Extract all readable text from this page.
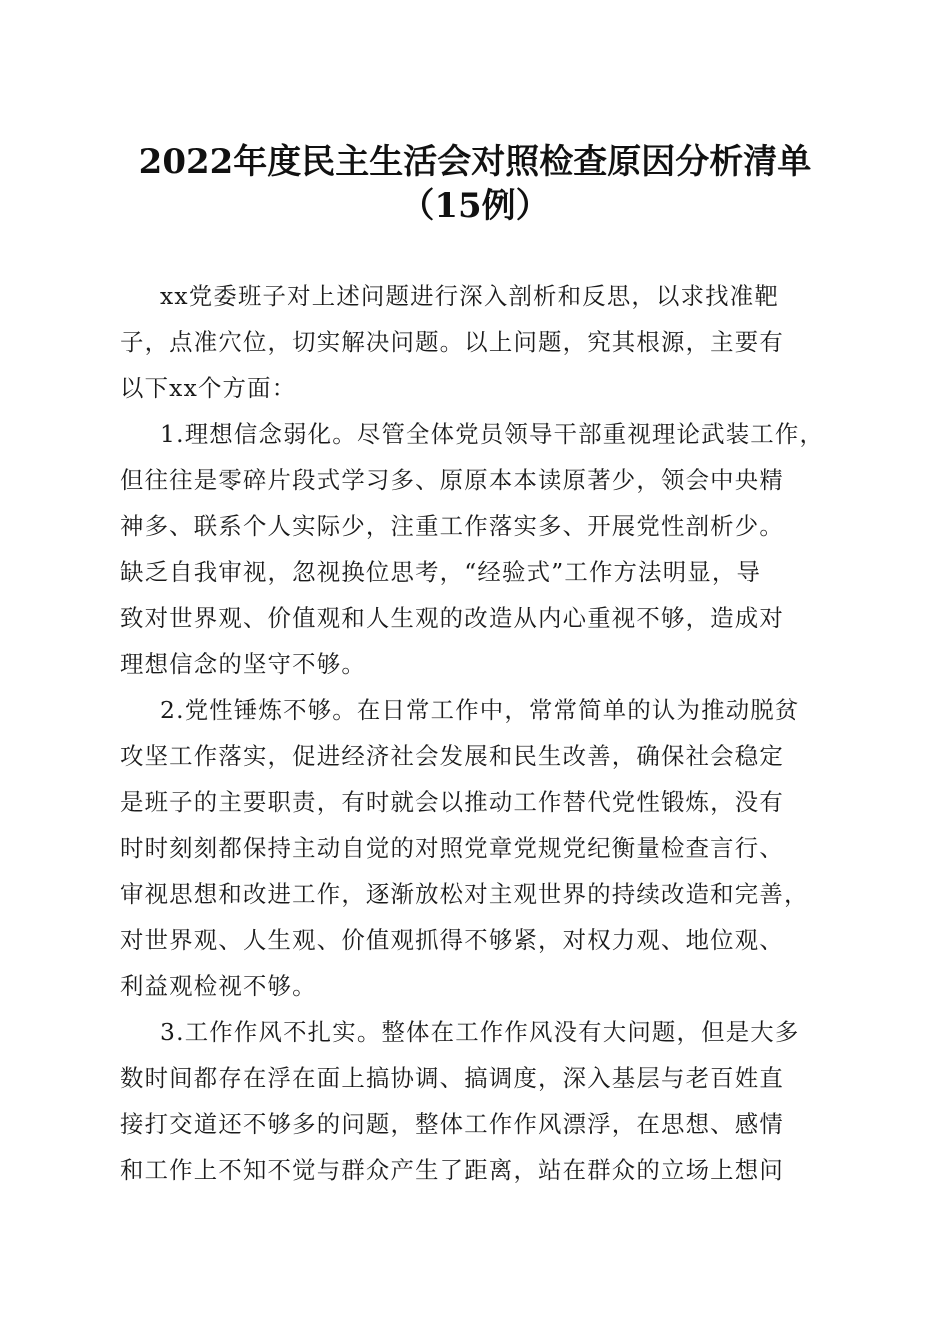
2022年度民主生活会对照检查原因分析清单
（15例）
xx党委班子对上述问题进行深入剖析和反思，以求找准靶
子，点准穴位，切实解决问题。以上问题，究其根源，主要有
以下xx个方面：
1.理想信念弱化。尽管全体党员领导干部重视理论武装工作，
但往往是零碎片段式学习多、原原本本读原著少，领会中央精
神多、联系个人实际少，注重工作落实多、开展党性剖析少。
缺乏自我审视，忽视换位思考，“经验式”工作方法明显，导
致对世界观、价值观和人生观的改造从内心重视不够，造成对
理想信念的坚守不够。
2.党性锤炼不够。在日常工作中，常常简单的认为推动脱贫
攻坚工作落实，促进经济社会发展和民生改善，确保社会稳定
是班子的主要职责，有时就会以推动工作替代党性锻炼，没有
时时刻刻都保持主动自觉的对照党章党规党纪衡量检查言行、
审视思想和改进工作，逐渐放松对主观世界的持续改造和完善，
对世界观、人生观、价值观抓得不够紧，对权力观、地位观、
利益观检视不够。
3.工作作风不扎实。整体在工作作风没有大问题，但是大多
数时间都存在浮在面上搞协调、搞调度，深入基层与老百姓直
接打交道还不够多的问题，整体工作作风漂浮，在思想、感情
和工作上不知不觉与群众产生了距离，站在群众的立场上想问
